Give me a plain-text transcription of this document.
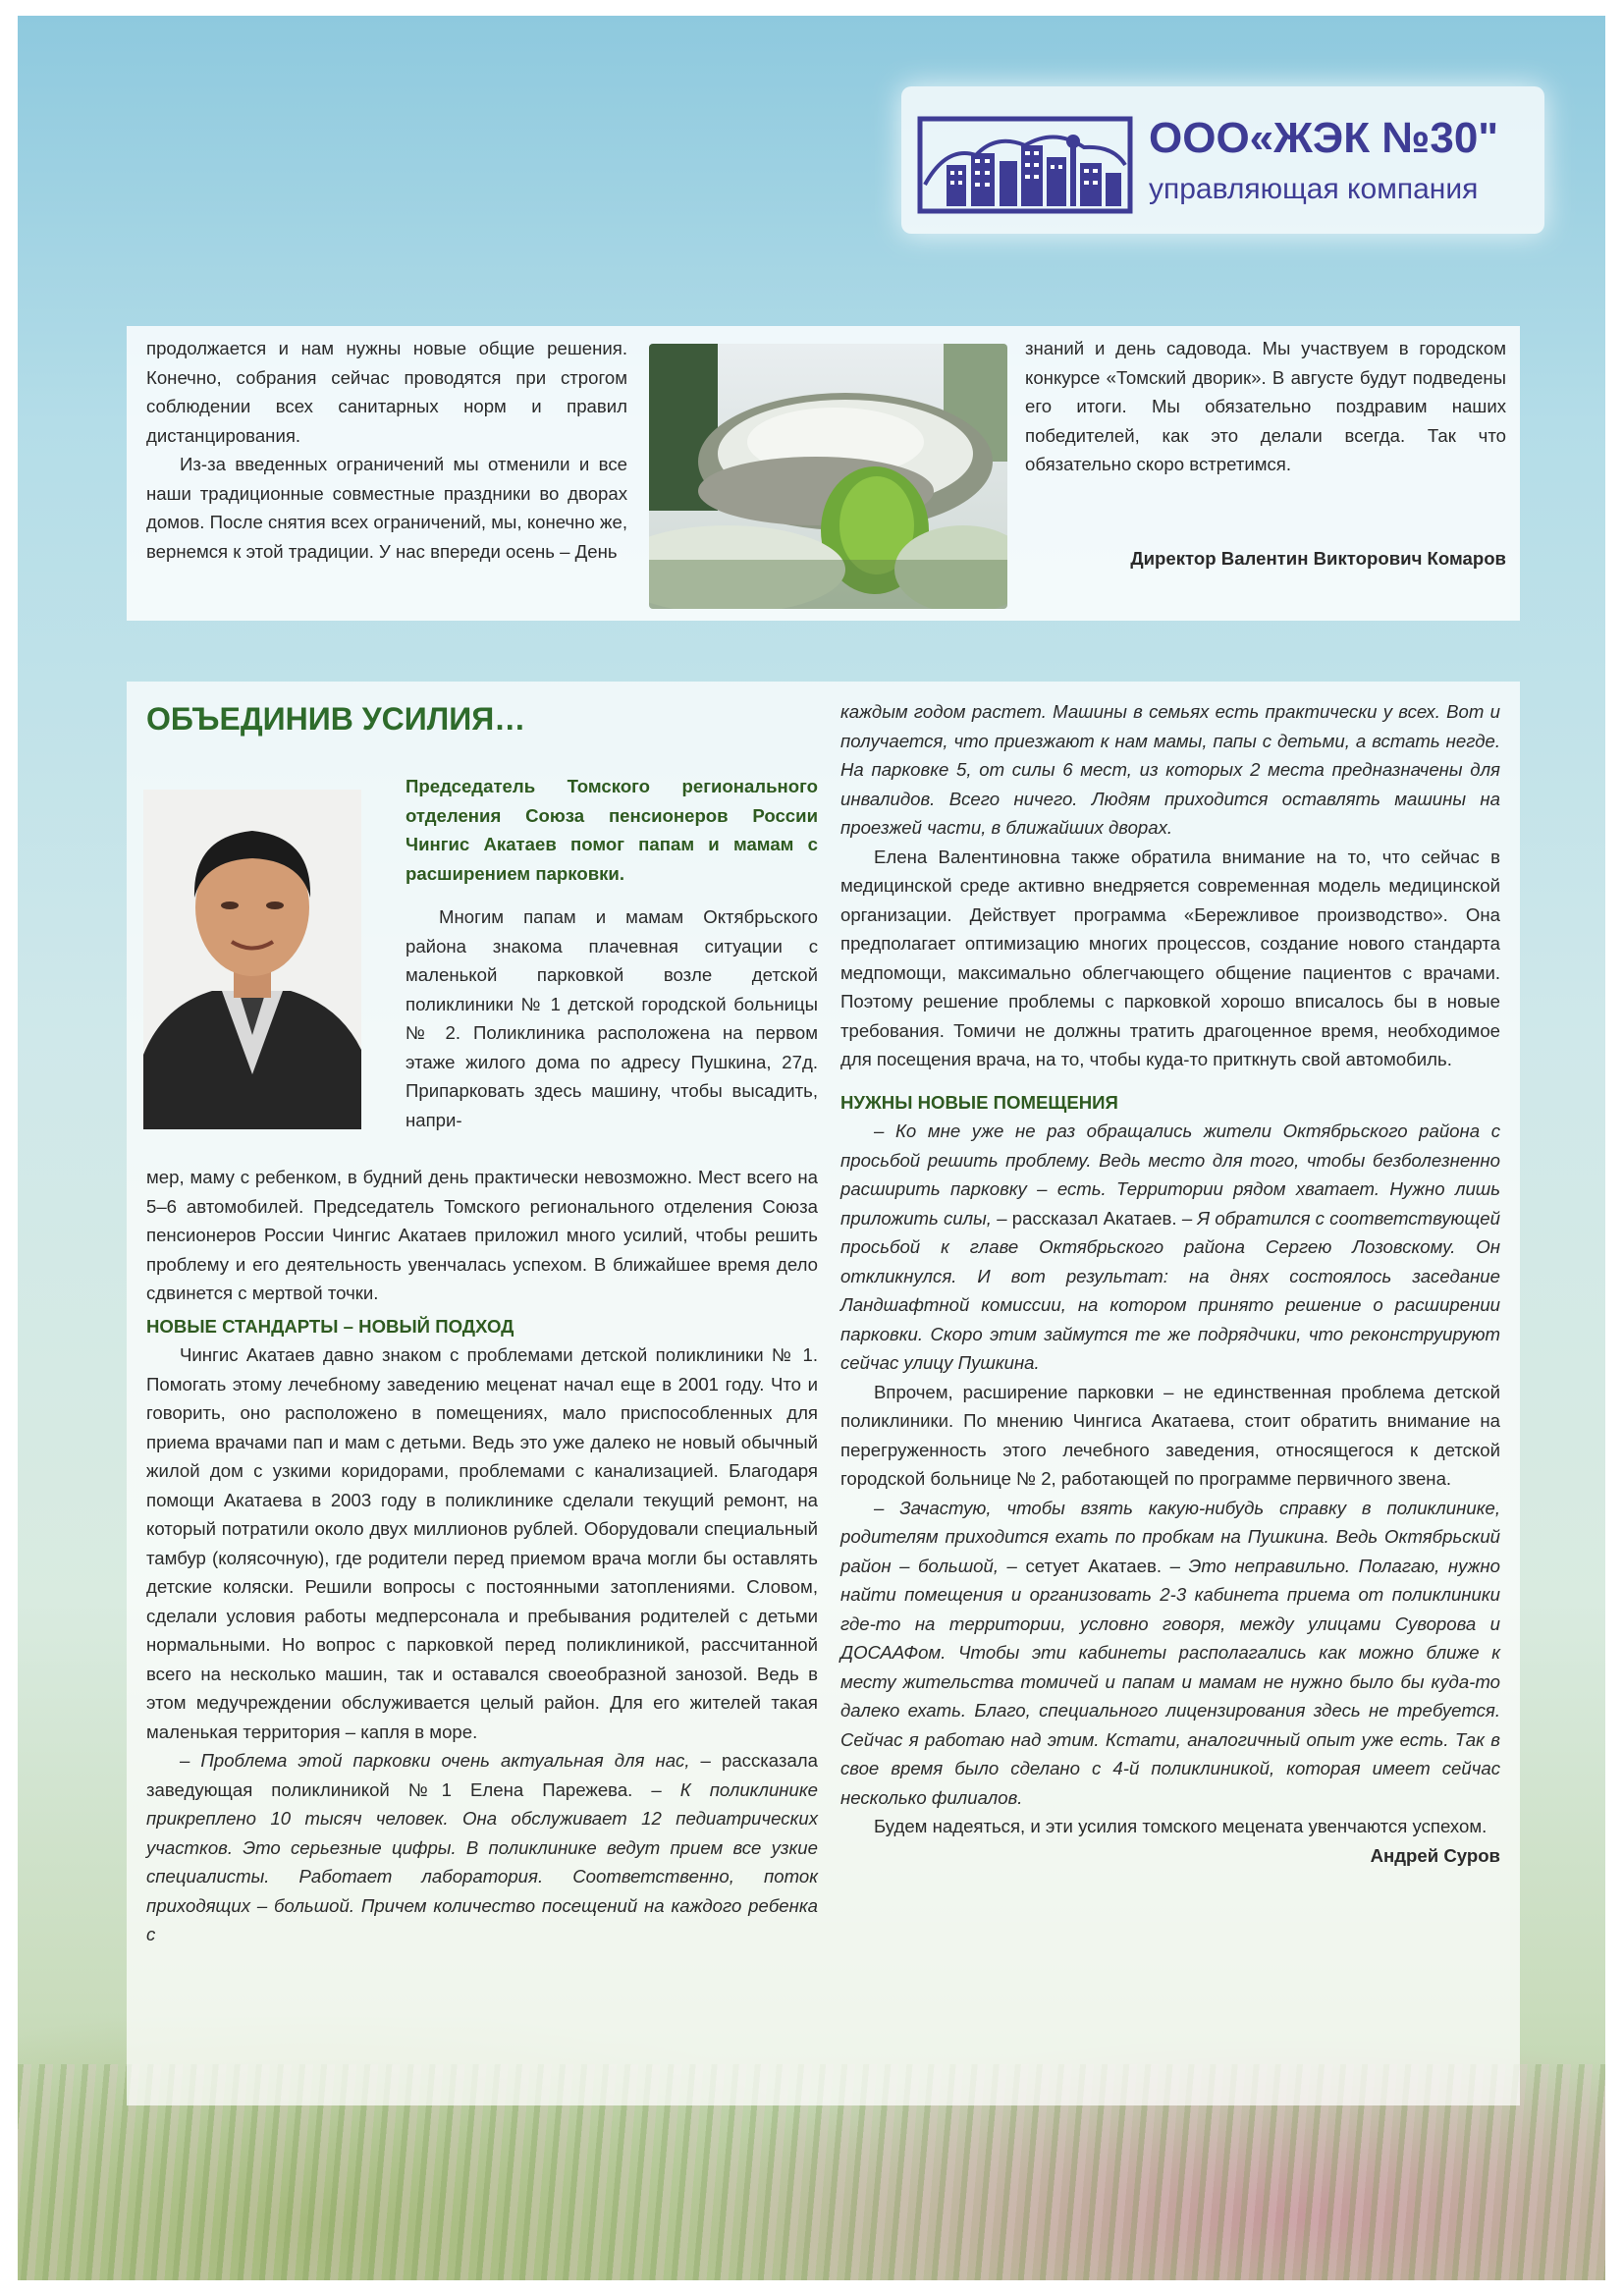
ООО«ЖЭК №30"
управляющая компания

продолжается и нам нужны новые общие решения. Конечно, собрания сейчас проводятся при строгом соблюдении всех санитарных норм и правил дистанцирования.

Из-за введенных ограничений мы отменили и все наши традиционные совместные праздники во дворах домов. После снятия всех ограничений, мы, конечно же, вернемся к этой традиции. У нас впереди осень – День

знаний и день садовода. Мы участвуем в городском конкурсе «Томский дворик». В августе будут подведены его итоги. Мы обязательно поздравим наших победителей, как это делали всегда. Так что обязательно скоро встретимся.

Директор Валентин Викторович Комаров
ОБЪЕДИНИВ УСИЛИЯ…
Председатель Томского регионального отделения Союза пенсионеров России Чингис Акатаев помог папам и мамам с расширением парковки.

Многим папам и мамам Октябрьского района знакома плачевная ситуации с маленькой парковкой возле детской поликлиники № 1 детской городской больницы № 2. Поликлиника расположена на первом этаже жилого дома по адресу Пушкина, 27д. Припарковать здесь машину, чтобы высадить, напри-

мер, маму с ребенком, в будний день практически невозможно. Мест всего на 5–6 автомобилей. Председатель Томского регионального отделения Союза пенсионеров России Чингис Акатаев приложил много усилий, чтобы решить проблему и его деятельность увенчалась успехом. В ближайшее время дело сдвинется с мертвой точки.

НОВЫЕ СТАНДАРТЫ – НОВЫЙ ПОДХОД

Чингис Акатаев давно знаком с проблемами детской поликлиники № 1. Помогать этому лечебному заведению меценат начал еще в 2001 году. Что и говорить, оно расположено в помещениях, мало приспособленных для приема врачами пап и мам с детьми. Ведь это уже далеко не новый обычный жилой дом с узкими коридорами, проблемами с канализацией. Благодаря помощи Акатаева в 2003 году в поликлинике сделали текущий ремонт, на который потратили около двух миллионов рублей. Оборудовали специальный тамбур (колясочную), где родители перед приемом врача могли бы оставлять детские коляски. Решили вопросы с постоянными затоплениями. Словом, сделали условия работы медперсонала и пребывания родителей с детьми нормальными. Но вопрос с парковкой перед поликлиникой, рассчитанной всего на несколько машин, так и оставался своеобразной занозой. Ведь в этом медучреждении обслуживается целый район. Для его жителей такая маленькая территория – капля в море.

– Проблема этой парковки очень актуальная для нас, – рассказала заведующая поликлиникой №1 Елена Парежева. – К поликлинике прикреплено 10 тысяч человек. Она обслуживает 12 педиатрических участков. Это серьезные цифры. В поликлинике ведут прием все узкие специалисты. Работает лаборатория. Соответственно, поток приходящих – большой. Причем количество посещений на каждого ребенка с

каждым годом растет. Машины в семьях есть практически у всех. Вот и получается, что приезжают к нам мамы, папы с детьми, а встать негде. На парковке 5, от силы 6 мест, из которых 2 места предназначены для инвалидов. Всего ничего. Людям приходится оставлять машины на проезжей части, в ближайших дворах.

Елена Валентиновна также обратила внимание на то, что сейчас в медицинской среде активно внедряется современная модель медицинской организации. Действует программа «Бережливое производство». Она предполагает оптимизацию многих процессов, создание нового стандарта медпомощи, максимально облегчающего общение пациентов с врачами. Поэтому решение проблемы с парковкой хорошо вписалось бы в новые требования. Томичи не должны тратить драгоценное время, необходимое для посещения врача, на то, чтобы куда-то приткнуть свой автомобиль.

НУЖНЫ НОВЫЕ ПОМЕЩЕНИЯ

– Ко мне уже не раз обращались жители Октябрьского района с просьбой решить проблему. Ведь место для того, чтобы безболезненно расширить парковку – есть. Территории рядом хватает. Нужно лишь приложить силы, – рассказал Акатаев. – Я обратился с соответствующей просьбой к главе Октябрьского района Сергею Лозовскому. Он откликнулся. И вот результат: на днях состоялось заседание Ландшафтной комиссии, на котором принято решение о расширении парковки. Скоро этим займутся те же подрядчики, что реконструируют сейчас улицу Пушкина.

Впрочем, расширение парковки – не единственная проблема детской поликлиники. По мнению Чингиса Акатаева, стоит обратить внимание на перегруженность этого лечебного заведения, относящегося к детской городской больнице № 2, работающей по программе первичного звена.

– Зачастую, чтобы взять какую-нибудь справку в поликлинике, родителям приходится ехать по пробкам на Пушкина. Ведь Октябрьский район – большой, – сетует Акатаев. – Это неправильно. Полагаю, нужно найти помещения и организовать 2-3 кабинета приема от поликлиники где-то на территории, условно говоря, между улицами Суворова и ДОСААФом. Чтобы эти кабинеты располагались как можно ближе к месту жительства томичей и папам и мамам не нужно было бы куда-то далеко ехать. Благо, специального лицензирования здесь не требуется. Сейчас я работаю над этим. Кстати, аналогичный опыт уже есть. Так в свое время было сделано с 4-й поликлиникой, которая имеет сейчас несколько филиалов.

Будем надеяться, и эти усилия томского мецената увенчаются успехом.

Андрей Суров
